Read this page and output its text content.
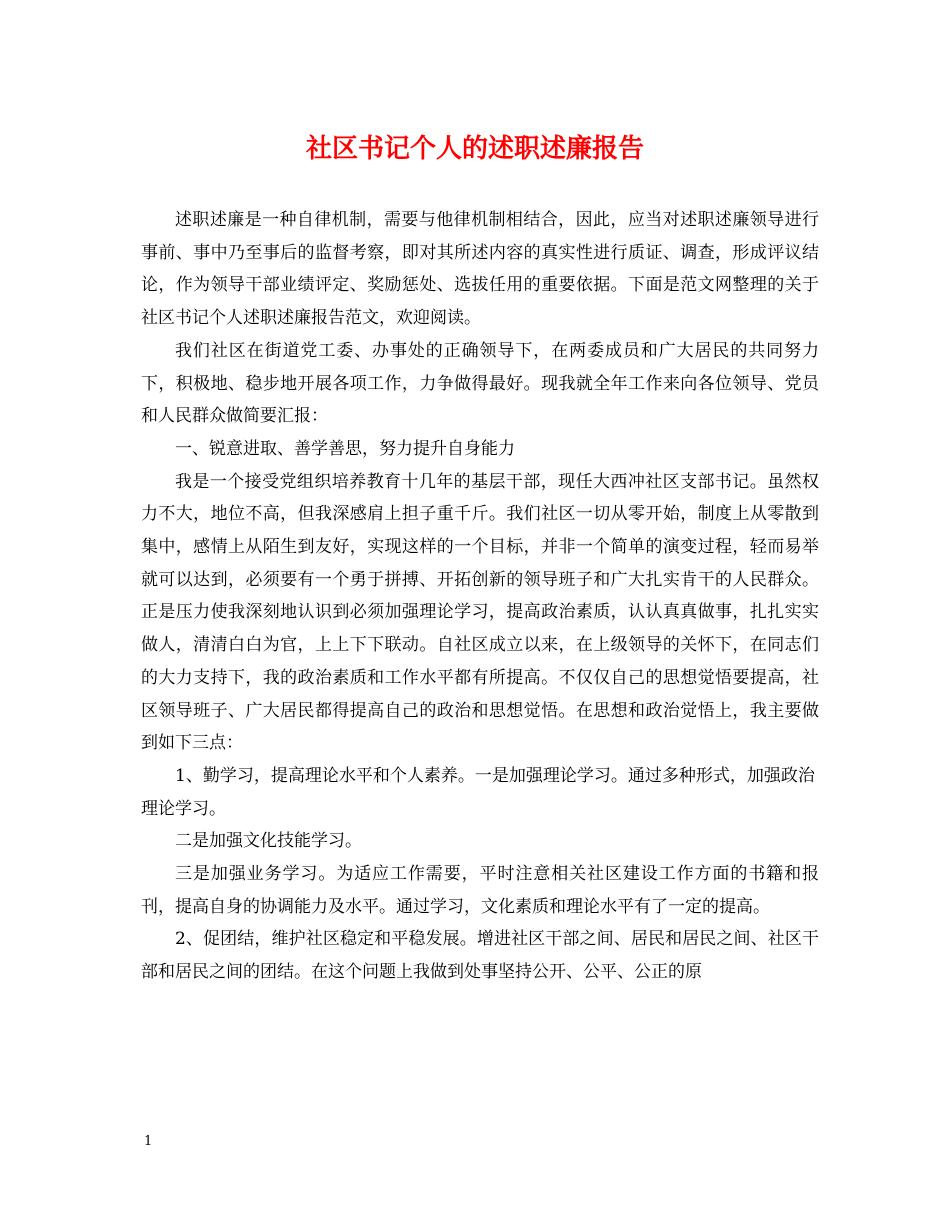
社区书记个人的述职述廉报告

述职述廉是一种自律机制，需要与他律机制相结合，因此，应当对述职述廉领导进行事前、事中乃至事后的监督考察，即对其所述内容的真实性进行质证、调查，形成评议结论，作为领导干部业绩评定、奖励惩处、选拔任用的重要依据。下面是范文网整理的关于社区书记个人述职述廉报告范文，欢迎阅读。

我们社区在街道党工委、办事处的正确领导下，在两委成员和广大居民的共同努力下，积极地、稳步地开展各项工作，力争做得最好。现我就全年工作来向各位领导、党员和人民群众做简要汇报：

一、锐意进取、善学善思，努力提升自身能力

我是一个接受党组织培养教育十几年的基层干部，现任大西冲社区支部书记。虽然权力不大，地位不高，但我深感肩上担子重千斤。我们社区一切从零开始，制度上从零散到集中，感情上从陌生到友好，实现这样的一个目标，并非一个简单的演变过程，轻而易举就可以达到，必须要有一个勇于拼搏、开拓创新的领导班子和广大扎实肯干的人民群众。正是压力使我深刻地认识到必须加强理论学习，提高政治素质，认认真真做事，扎扎实实做人，清清白白为官，上上下下联动。自社区成立以来，在上级领导的关怀下，在同志们的大力支持下，我的政治素质和工作水平都有所提高。不仅仅自己的思想觉悟要提高，社区领导班子、广大居民都得提高自己的政治和思想觉悟。在思想和政治觉悟上，我主要做到如下三点：

1、勤学习，提高理论水平和个人素养。一是加强理论学习。通过多种形式，加强政治理论学习。

二是加强文化技能学习。

三是加强业务学习。为适应工作需要，平时注意相关社区建设工作方面的书籍和报刊，提高自身的协调能力及水平。通过学习，文化素质和理论水平有了一定的提高。

2、促团结，维护社区稳定和平稳发展。增进社区干部之间、居民和居民之间、社区干部和居民之间的团结。在这个问题上我做到处事坚持公开、公平、公正的原

1
